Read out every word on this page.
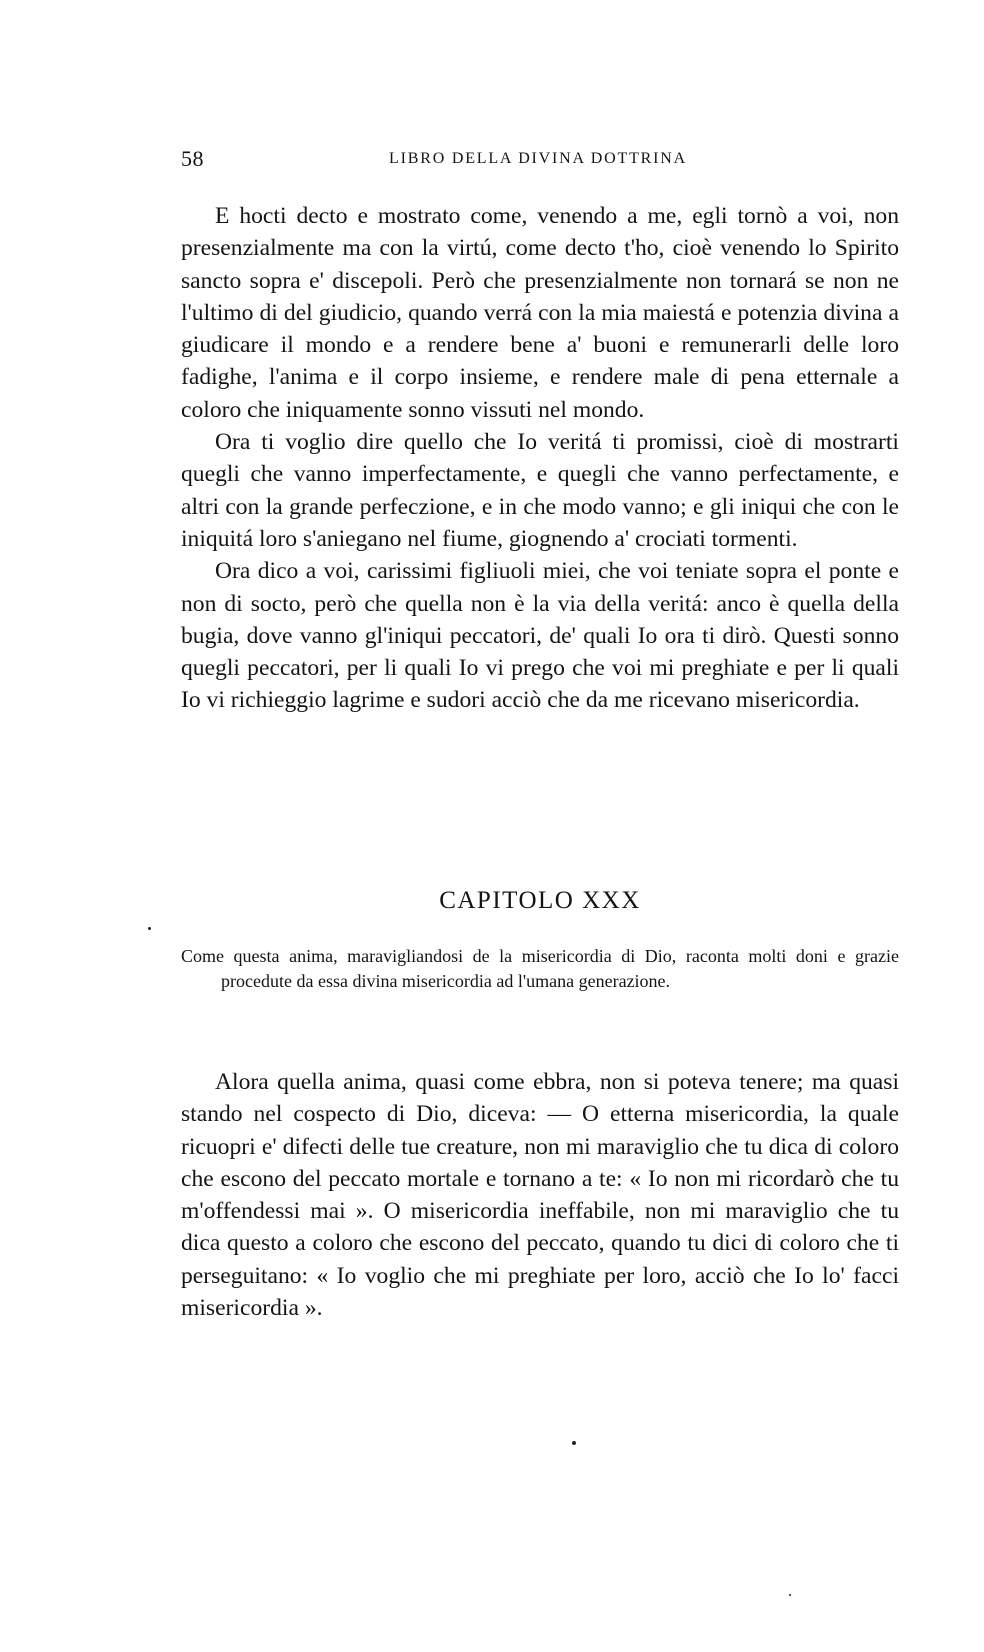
58	LIBRO DELLA DIVINA DOTTRINA

E hocti decto e mostrato come, venendo a me, egli tornò a voi, non presenzialmente ma con la virtú, come decto t'ho, cioè venendo lo Spirito sancto sopra e' discepoli. Però che presenzialmente non tornará se non ne l'ultimo di del giudicio, quando verrá con la mia maiestá e potenzia divina a giudicare il mondo e a rendere bene a' buoni e remunerarli delle loro fadighe, l'anima e il corpo insieme, e rendere male di pena etternale a coloro che iniquamente sonno vissuti nel mondo.

Ora ti voglio dire quello che Io veritá ti promissi, cioè di mostrarti quegli che vanno imperfectamente, e quegli che vanno perfectamente, e altri con la grande perfeczione, e in che modo vanno; e gli iniqui che con le iniquitá loro s'aniegano nel fiume, giognendo a' crociati tormenti.

Ora dico a voi, carissimi figliuoli miei, che voi teniate sopra el ponte e non di socto, però che quella non è la via della veritá: anco è quella della bugia, dove vanno gl'iniqui peccatori, de' quali Io ora ti dirò. Questi sonno quegli peccatori, per li quali Io vi prego che voi mi preghiate e per li quali Io vi richieggio lagrime e sudori acciò che da me ricevano misericordia.

CAPITOLO XXX
Come questa anima, maravigliandosi de la misericordia di Dio, raconta molti doni e grazie procedute da essa divina misericordia ad l'umana generazione.

Alora quella anima, quasi come ebbra, non si poteva tenere; ma quasi stando nel cospecto di Dio, diceva: — O etterna misericordia, la quale ricuopri e' difecti delle tue creature, non mi maraviglio che tu dica di coloro che escono del peccato mortale e tornano a te: « Io non mi ricordarò che tu m'offendessi mai ». O misericordia ineffabile, non mi maraviglio che tu dica questo a coloro che escono del peccato, quando tu dici di coloro che ti perseguitano: « Io voglio che mi preghiate per loro, acciò che Io lo' facci misericordia ».
